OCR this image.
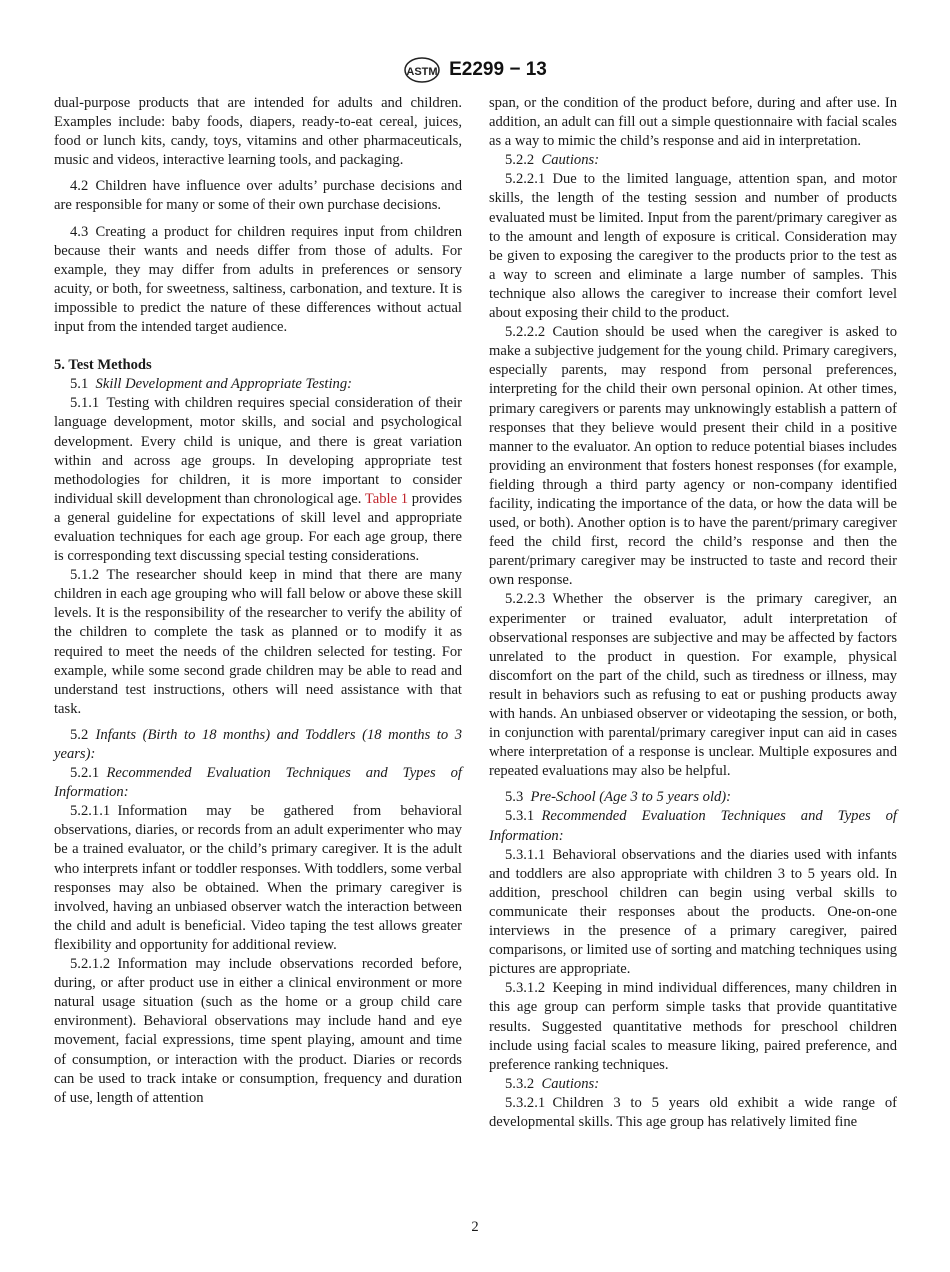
ASTM E2299 − 13

dual-purpose products that are intended for adults and children. Examples include: baby foods, diapers, ready-to-eat cereal, juices, food or lunch kits, candy, toys, vitamins and other pharmaceuticals, music and videos, interactive learning tools, and packaging.

4.2  Children have influence over adults’ purchase decisions and are responsible for many or some of their own purchase decisions.

4.3  Creating a product for children requires input from children because their wants and needs differ from those of adults. For example, they may differ from adults in preferences or sensory acuity, or both, for sweetness, saltiness, carbonation, and texture. It is impossible to predict the nature of these differences without actual input from the intended target audience.

5. Test Methods

5.1  Skill Development and Appropriate Testing:

5.1.1  Testing with children requires special consideration of their language development, motor skills, and social and psychological development. Every child is unique, and there is great variation within and across age groups. In developing appropriate test methodologies for children, it is more important to consider individual skill development than chronological age. Table 1 provides a general guideline for expectations of skill level and appropriate evaluation techniques for each age group. For each age group, there is corresponding text discussing special testing considerations.

5.1.2  The researcher should keep in mind that there are many children in each age grouping who will fall below or above these skill levels. It is the responsibility of the researcher to verify the ability of the children to complete the task as planned or to modify it as required to meet the needs of the children selected for testing. For example, while some second grade children may be able to read and understand test instructions, others will need assistance with that task.

5.2  Infants (Birth to 18 months) and Toddlers (18 months to 3 years):

5.2.1  Recommended Evaluation Techniques and Types of Information:

5.2.1.1  Information may be gathered from behavioral observations, diaries, or records from an adult experimenter who may be a trained evaluator, or the child’s primary caregiver. It is the adult who interprets infant or toddler responses. With toddlers, some verbal responses may also be obtained. When the primary caregiver is involved, having an unbiased observer watch the interaction between the child and adult is beneficial. Video taping the test allows greater flexibility and opportunity for additional review.

5.2.1.2  Information may include observations recorded before, during, or after product use in either a clinical environment or more natural usage situation (such as the home or a group child care environment). Behavioral observations may include hand and eye movement, facial expressions, time spent playing, amount and time of consumption, or interaction with the product. Diaries or records can be used to track intake or consumption, frequency and duration of use, length of attention

span, or the condition of the product before, during and after use. In addition, an adult can fill out a simple questionnaire with facial scales as a way to mimic the child’s response and aid in interpretation.

5.2.2  Cautions:

5.2.2.1  Due to the limited language, attention span, and motor skills, the length of the testing session and number of products evaluated must be limited. Input from the parent/primary caregiver as to the amount and length of exposure is critical. Consideration may be given to exposing the caregiver to the products prior to the test as a way to screen and eliminate a large number of samples. This technique also allows the caregiver to increase their comfort level about exposing their child to the product.

5.2.2.2  Caution should be used when the caregiver is asked to make a subjective judgement for the young child. Primary caregivers, especially parents, may respond from personal preferences, interpreting for the child their own personal opinion. At other times, primary caregivers or parents may unknowingly establish a pattern of responses that they believe would present their child in a positive manner to the evaluator. An option to reduce potential biases includes providing an environment that fosters honest responses (for example, fielding through a third party agency or non-company identified facility, indicating the importance of the data, or how the data will be used, or both). Another option is to have the parent/primary caregiver feed the child first, record the child’s response and then the parent/primary caregiver may be instructed to taste and record their own response.

5.2.2.3  Whether the observer is the primary caregiver, an experimenter or trained evaluator, adult interpretation of observational responses are subjective and may be affected by factors unrelated to the product in question. For example, physical discomfort on the part of the child, such as tiredness or illness, may result in behaviors such as refusing to eat or pushing products away with hands. An unbiased observer or videotaping the session, or both, in conjunction with parental/primary caregiver input can aid in cases where interpretation of a response is unclear. Multiple exposures and repeated evaluations may also be helpful.

5.3  Pre-School (Age 3 to 5 years old):

5.3.1  Recommended Evaluation Techniques and Types of Information:

5.3.1.1  Behavioral observations and the diaries used with infants and toddlers are also appropriate with children 3 to 5 years old. In addition, preschool children can begin using verbal skills to communicate their responses about the products. One-on-one interviews in the presence of a primary caregiver, paired comparisons, or limited use of sorting and matching techniques using pictures are appropriate.

5.3.1.2  Keeping in mind individual differences, many children in this age group can perform simple tasks that provide quantitative results. Suggested quantitative methods for preschool children include using facial scales to measure liking, paired preference, and preference ranking techniques.

5.3.2  Cautions:

5.3.2.1  Children 3 to 5 years old exhibit a wide range of developmental skills. This age group has relatively limited fine

2
